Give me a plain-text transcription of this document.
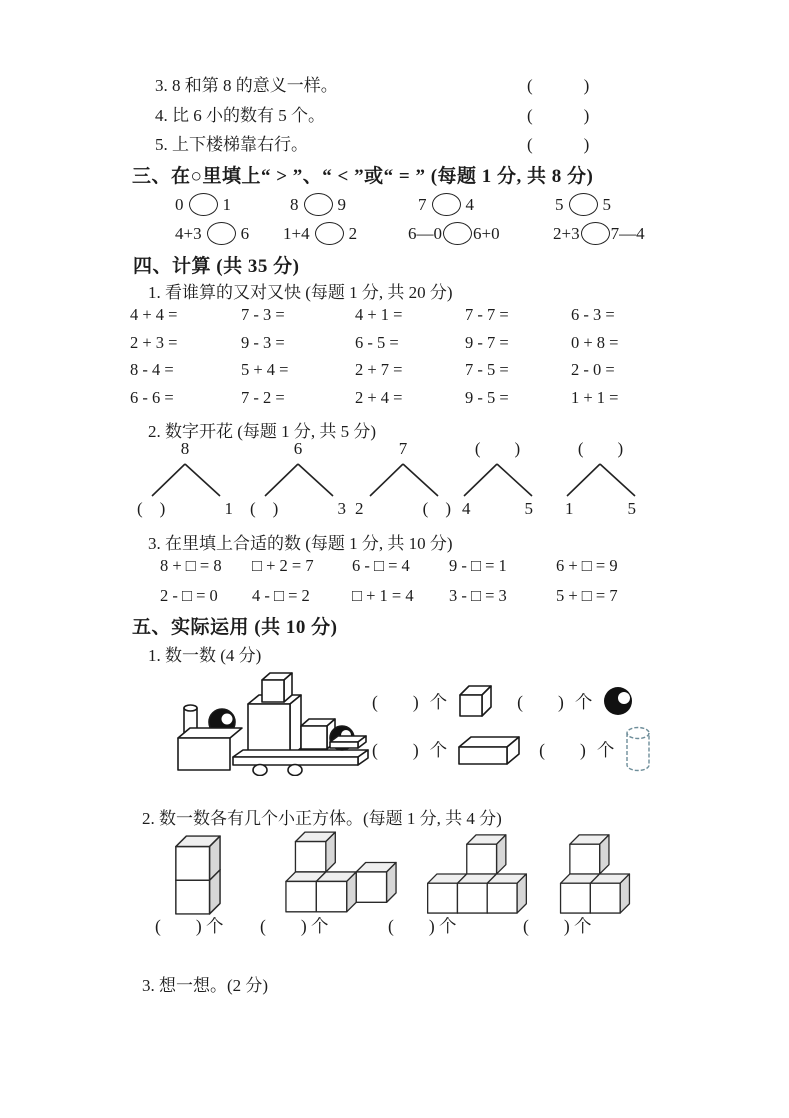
3. 8 和第 8 的意义一样。	(　　　)
4. 比 6 小的数有 5 个。	(　　　)
5. 上下楼梯靠右行。	(　　　)
三、在○里填上“ > ”、“ < ”或“ = ” (每题 1 分, 共 8 分)
0 1	8 9	7 4	5 5
4+3 6 1+4 2	6—0 6+0	2+3 7—4
四、计算 (共 35 分)
1. 看谁算的又对又快 (每题 1 分, 共 20 分)
4 + 4 =	7 - 3 =	4 + 1 =	7 - 7 =	6 - 3 =
2 + 3 =	9 - 3 =	6 - 5 =	9 - 7 =	0 + 8 =
8 - 4 =	5 + 4 =	2 + 7 =	7 - 5 =	2 - 0 =
6 - 6 =	7 - 2 =	2 + 4 =	9 - 5 =	1 + 1 =
2. 数字开花 (每题 1 分, 共 5 分)
8
(　)	1
6
(　)	3
7
2	(　)
(　　)
4	5
(　　)
1	5
3. 在里填上合适的数 (每题 1 分, 共 10 分)
8 + □ = 8	□ + 2 = 7	6 - □ = 4	9 - □ = 1	6 + □ = 9
2 - □ = 0	4 - □ = 2	□ + 1 = 4	3 - □ = 3	5 + □ = 7
五、实际运用 (共 10 分)
1. 数一数 (4 分)
(　　) 个	(　　) 个
(　　) 个	(　　) 个
2. 数一数各有几个小正方体。(每题 1 分, 共 4 分)
(　　) 个 (　　) 个	(　　) 个	(　　) 个
3. 想一想。(2 分)
